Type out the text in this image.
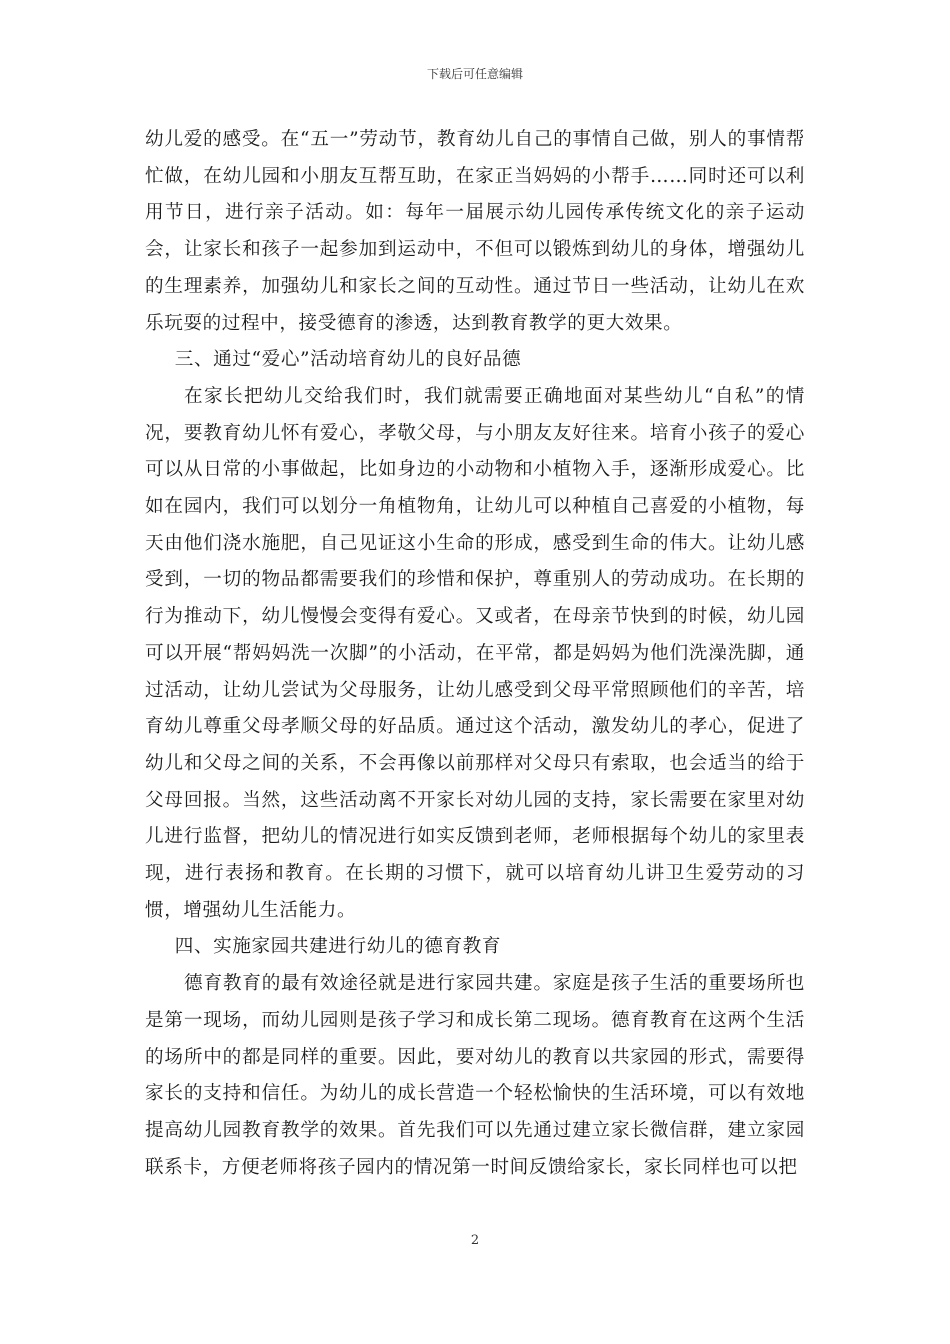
下载后可任意编辑

幼儿爱的感受。在“五一”劳动节，教育幼儿自己的事情自己做，别人的事情帮忙做，在幼儿园和小朋友互帮互助，在家正当妈妈的小帮手……同时还可以利用节日，进行亲子活动。如：每年一届展示幼儿园传承传统文化的亲子运动会，让家长和孩子一起参加到运动中，不但可以锻炼到幼儿的身体，增强幼儿的生理素养，加强幼儿和家长之间的互动性。通过节日一些活动，让幼儿在欢乐玩耍的过程中，接受德育的渗透，达到教育教学的更大效果。

三、通过“爱心”活动培育幼儿的良好品德

在家长把幼儿交给我们时，我们就需要正确地面对某些幼儿“自私”的情况，要教育幼儿怀有爱心，孝敬父母，与小朋友友好往来。培育小孩子的爱心可以从日常的小事做起，比如身边的小动物和小植物入手，逐渐形成爱心。比如在园内，我们可以划分一角植物角，让幼儿可以种植自己喜爱的小植物，每天由他们浇水施肥，自己见证这小生命的形成，感受到生命的伟大。让幼儿感受到，一切的物品都需要我们的珍惜和保护，尊重别人的劳动成功。在长期的行为推动下，幼儿慢慢会变得有爱心。又或者，在母亲节快到的时候，幼儿园可以开展“帮妈妈洗一次脚”的小活动，在平常，都是妈妈为他们洗澡洗脚，通过活动，让幼儿尝试为父母服务，让幼儿感受到父母平常照顾他们的辛苦，培育幼儿尊重父母孝顺父母的好品质。通过这个活动，激发幼儿的孝心，促进了幼儿和父母之间的关系，不会再像以前那样对父母只有索取，也会适当的给于父母回报。当然，这些活动离不开家长对幼儿园的支持，家长需要在家里对幼儿进行监督，把幼儿的情况进行如实反馈到老师，老师根据每个幼儿的家里表现，进行表扬和教育。在长期的习惯下，就可以培育幼儿讲卫生爱劳动的习惯，增强幼儿生活能力。

四、实施家园共建进行幼儿的德育教育

德育教育的最有效途径就是进行家园共建。家庭是孩子生活的重要场所也是第一现场，而幼儿园则是孩子学习和成长第二现场。德育教育在这两个生活的场所中的都是同样的重要。因此，要对幼儿的教育以共家园的形式，需要得家长的支持和信任。为幼儿的成长营造一个轻松愉快的生活环境，可以有效地提高幼儿园教育教学的效果。首先我们可以先通过建立家长微信群，建立家园联系卡，方便老师将孩子园内的情况第一时间反馈给家长，家长同样也可以把

2
